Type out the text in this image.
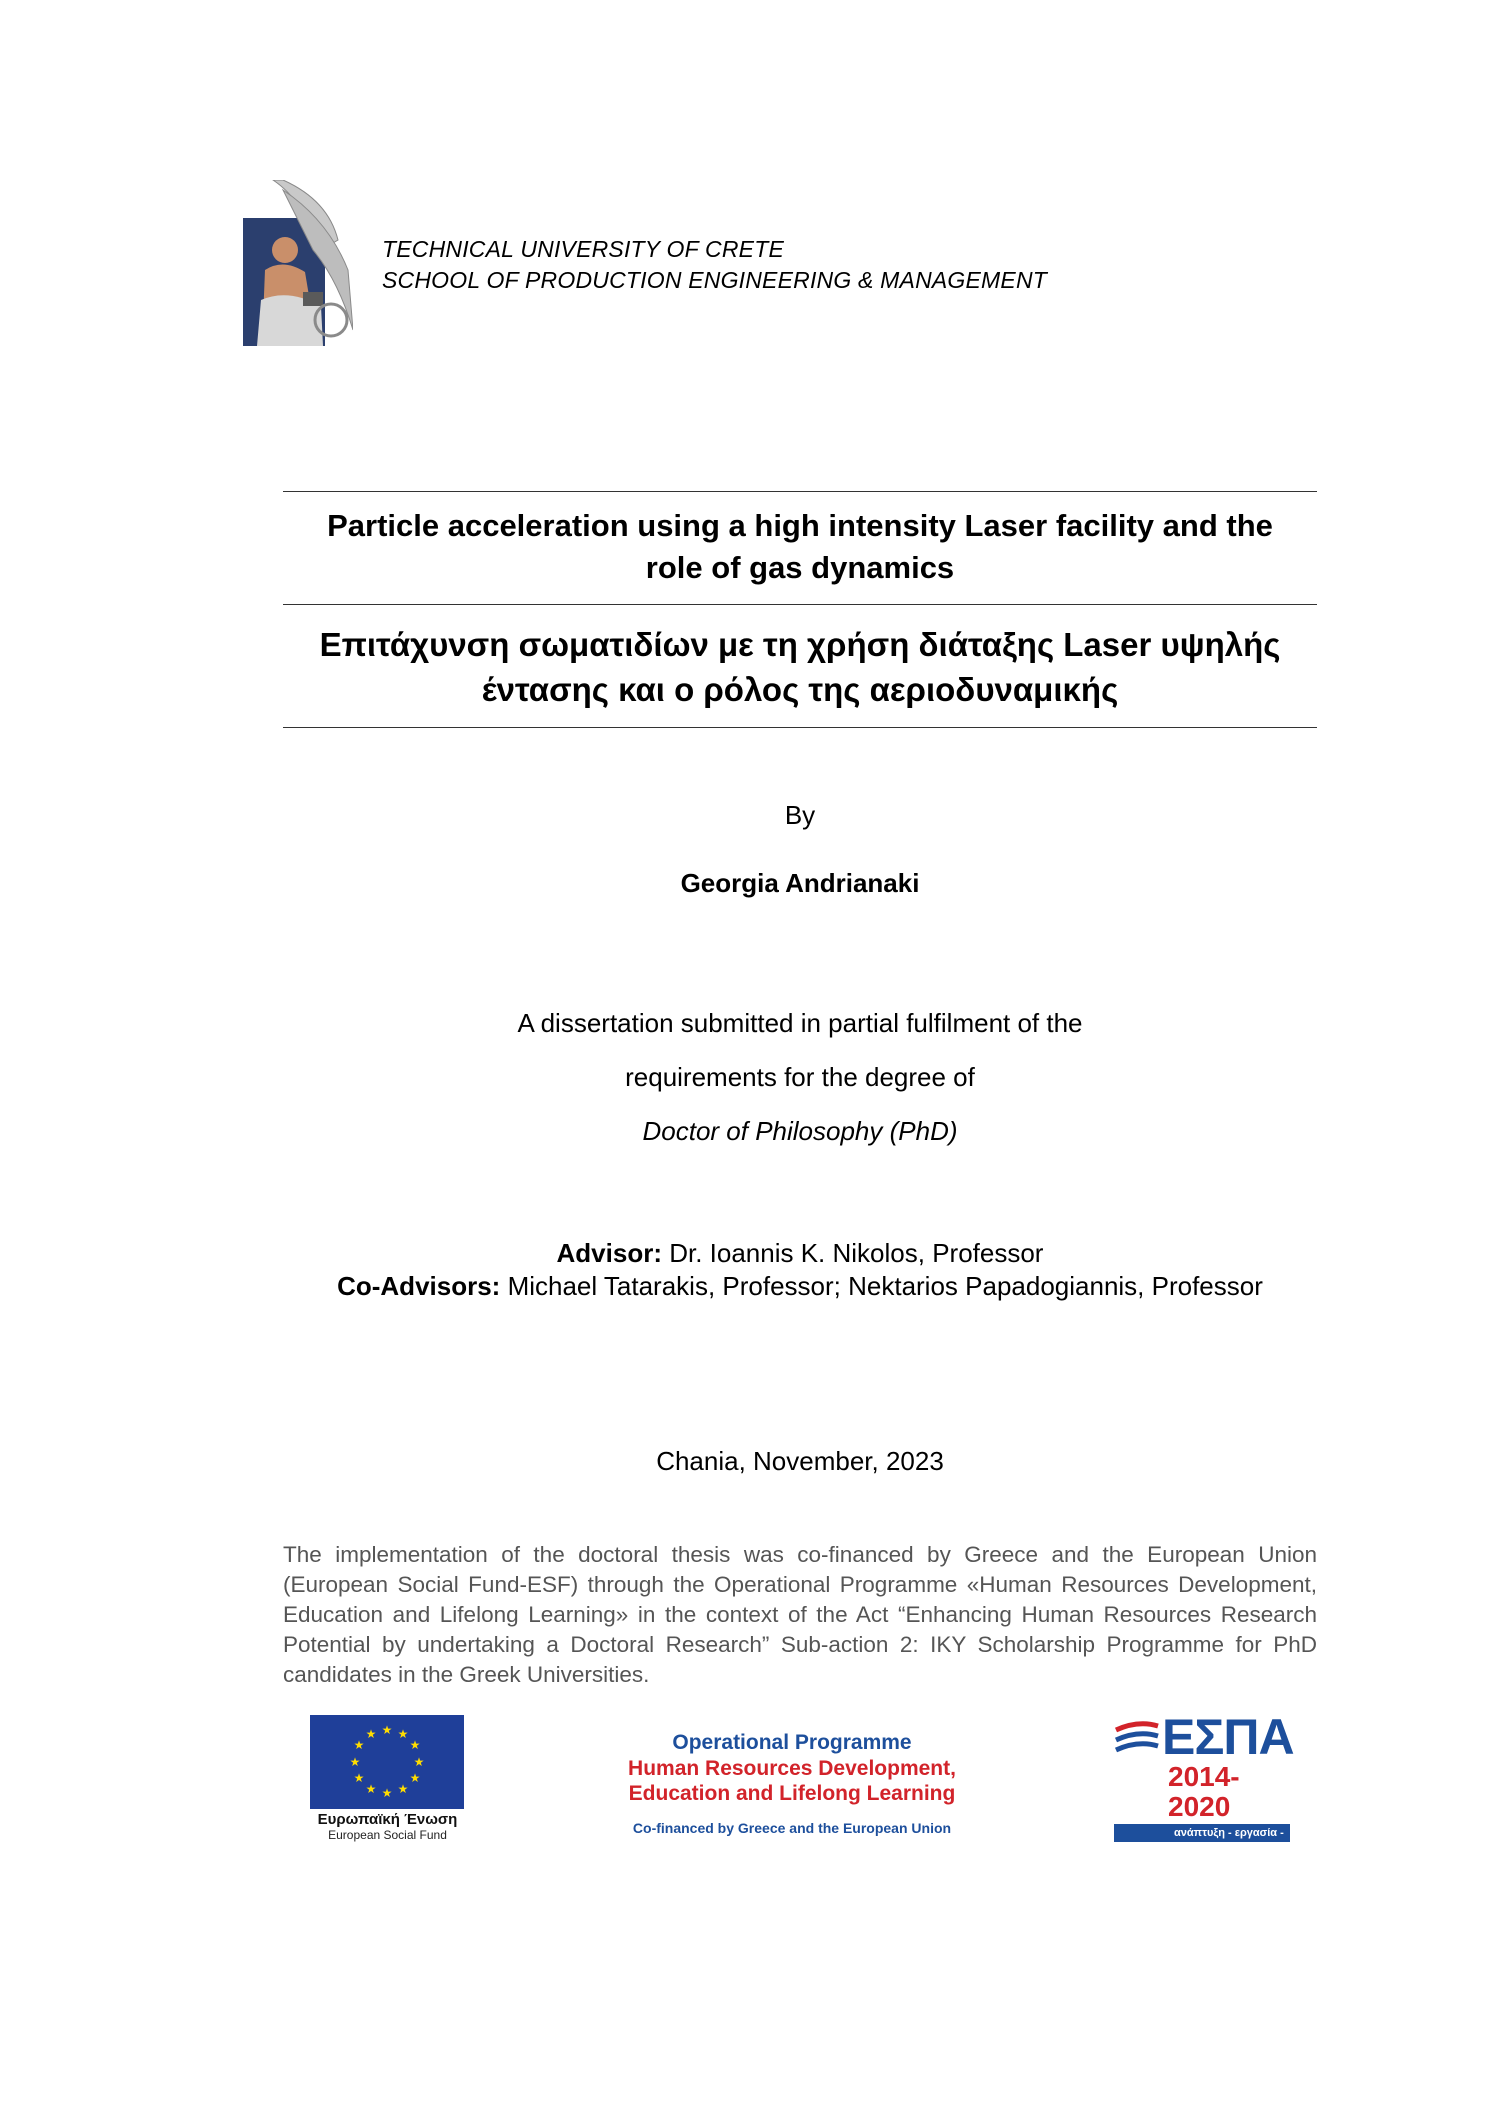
TECHNICAL UNIVERSITY OF CRETE
SCHOOL OF PRODUCTION ENGINEERING & MANAGEMENT
Particle acceleration using a high intensity Laser facility and the
role of gas dynamics
Επιτάχυνση σωματιδίων με τη χρήση διάταξης Laser υψηλής
έντασης και ο ρόλος της αεριοδυναμικής
By
Georgia Andrianaki
A dissertation submitted in partial fulfilment of the
requirements for the degree of
Doctor of Philosophy (PhD)
Advisor: Dr. Ioannis K. Nikolos, Professor
Co-Advisors: Michael Tatarakis, Professor; Nektarios Papadogiannis, Professor
Chania, November, 2023
The implementation of the doctoral thesis was co-financed by Greece and the European Union (European Social Fund-ESF) through the Operational Programme «Human Resources Development, Education and Lifelong Learning» in the context of the Act “Enhancing Human Resources Research Potential by undertaking a Doctoral Research” Sub-action 2: IKY Scholarship Programme for PhD candidates in the Greek Universities.
★ ★
★
★
★
★
★
★
★
★
★
★
Ευρωπαϊκή Ένωση
European Social Fund
Operational Programme
Human Resources Development,
Education and Lifelong Learning
Co-financed by Greece and the European Union
ΕΣΠΑ
2014-2020
ανάπτυξη - εργασία - αλληλεγγύη
